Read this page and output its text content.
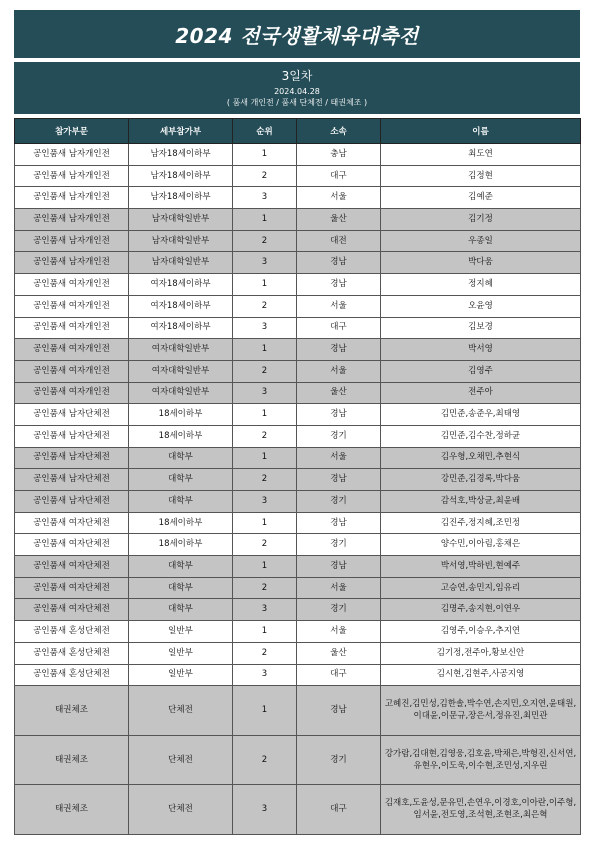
2024 전국생활체육대축전
3일차
2024.04.28
( 품새 개인전 / 품새 단체전 / 태권체조 )
참가부문	세부참가부	순위	소속	이름
공인품새 남자개인전	남자18세이하부	1	충남	최도연
공인품새 남자개인전	남자18세이하부	2	대구	김정현
공인품새 남자개인전	남자18세이하부	3	서울	김예준
공인품새 남자개인전	남자대학일반부	1	울산	김기정
공인품새 남자개인전	남자대학일반부	2	대전	우종일
공인품새 남자개인전	남자대학일반부	3	경남	박다움
공인품새 여자개인전	여자18세이하부	1	경남	정지혜
공인품새 여자개인전	여자18세이하부	2	서울	오윤영
공인품새 여자개인전	여자18세이하부	3	대구	김보경
공인품새 여자개인전	여자대학일반부	1	경남	박서영
공인품새 여자개인전	여자대학일반부	2	서울	김영주
공인품새 여자개인전	여자대학일반부	3	울산	전주아
공인품새 남자단체전	18세이하부	1	경남	김민준,송준우,최태영
공인품새 남자단체전	18세이하부	2	경기	김민준,김수찬,정하균
공인품새 남자단체전	대학부	1	서울	김우형,오채민,추현식
공인품새 남자단체전	대학부	2	경남	강민준,김경록,박다움
공인품새 남자단체전	대학부	3	경기	감석호,박상균,최윤배
공인품새 여자단체전	18세이하부	1	경남	김진주,정지혜,조민정
공인품새 여자단체전	18세이하부	2	경기	양수민,이아림,홍채은
공인품새 여자단체전	대학부	1	경남	박서영,박하빈,현예주
공인품새 여자단체전	대학부	2	서울	고승연,송민지,임유리
공인품새 여자단체전	대학부	3	경기	김명주,송지현,이연우
공인품새 혼성단체전	일반부	1	서울	김영주,이승우,추지연
공인품새 혼성단체전	일반부	2	울산	김기정,전주아,황보신안
공인품새 혼성단체전	일반부	3	대구	김시현,김현주,사공지영
태권체조	단체전	1	경남	고혜진,김민성,김한솔,박수연,손지민,오지연,윤태원,이대윤,이문규,장은서,정유진,최민관
태권체조	단체전	2	경기	강가람,김대현,김영웅,김호윤,박채은,박형진,신서연,유현우,이도욱,이수현,조민성,지우린
태권체조	단체전	3	대구	김재호,도윤성,문유민,손연우,이경호,이아란,이주형,임서윤,전도영,조석현,조현조,최은혁
